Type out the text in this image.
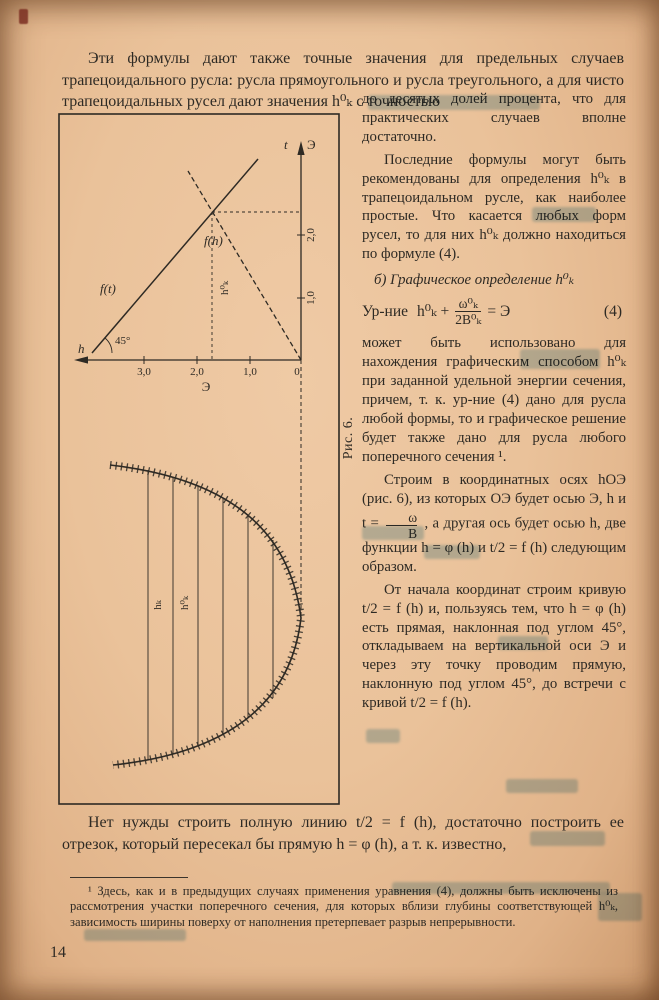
Эти формулы дают также точные значения для предельных случаев трапецоидального русла: русла прямоугольного и русла треугольного, а для чисто трапецоидальных русел дают значения h⁰ₖ с точностью

h
t Э
Э
3,0	2,0	1,0	0
1,0
2,0
f(t)
f(h)
45°
h⁰ₖ
h⁰ₖ
hₖ
Рис. 6.

до десятых долей процента, что для практических случаев вполне достаточно.

Последние формулы могут быть рекомендованы для определения h⁰ₖ в трапецоидальном русле, как наиболее простые. Что касается любых форм русел, то для них h⁰ₖ должно находиться по формуле (4).

б) Графическое определение h⁰ₖ

Ур-ние $h^0_k + \frac{\text{ω⁰ₖ}}{\text{2В⁰ₖ}} = Э$	(4)

может быть использовано для нахождения графическим способом h⁰ₖ при заданной удельной энергии сечения, причем, т. к. ур-ние (4) дано для русла любой формы, то и графическое решение будет также дано для русла любого поперечного сечения ¹.

Строим в координатных осях hОЭ (рис. 6), из которых ОЭ будет осью Э, h и $t = \frac{\omega}{В}$ , а другая ось будет осью h, две функции h = φ (h) и t/2 = f (h) следующим образом.

От начала координат строим кривую t/2 = f (h) и, пользуясь тем, что h = φ (h) есть прямая, наклонная под углом 45°, откладываем на вертикальной оси Э и через эту точку проводим прямую, наклонную под углом 45°, до встречи с кривой t/2 = f (h).

Нет нужды строить полную линию t/2 = f (h), достаточно построить ее отрезок, который пересекал бы прямую h = φ (h), а т. к. известно,

¹ Здесь, как и в предыдущих случаях применения уравнения (4), должны быть исключены из рассмотрения участки поперечного сечения, для которых вблизи глубины соответствующей h⁰ₖ, зависимость ширины поверху от наполнения претерпевает разрыв непрерывности.

14
